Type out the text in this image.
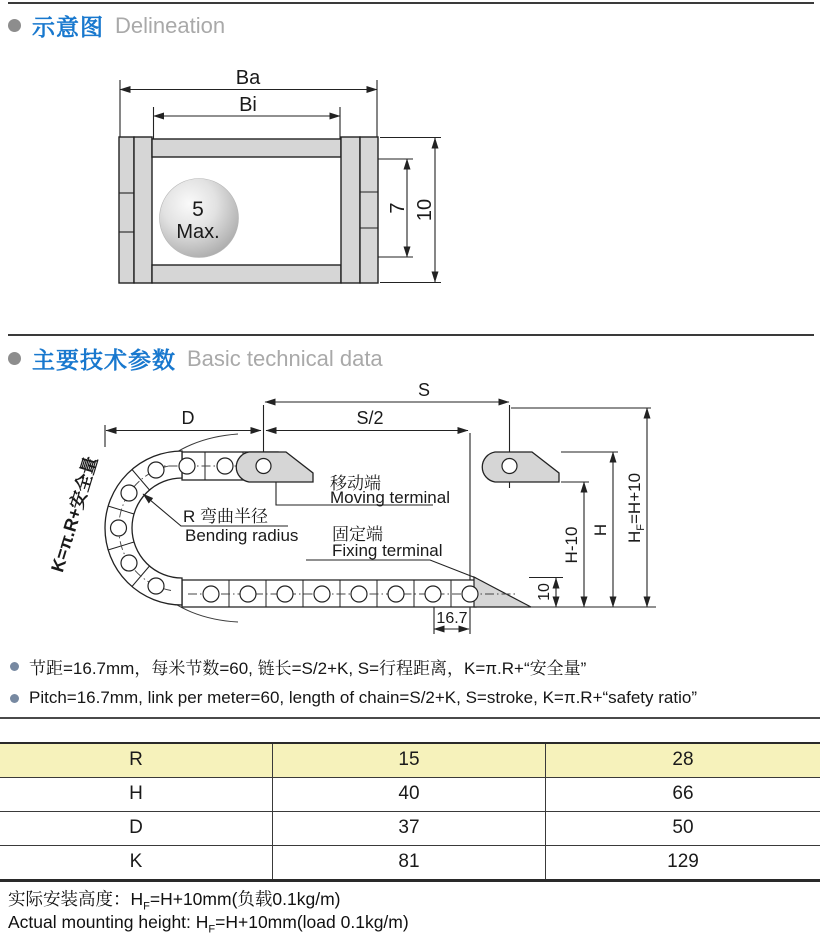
示意图 Delineation
5
Max.
Ba
Bi
7 10
主要技术参数 Basic technical data
S
S/2
D
K=π.R+安全量	移动端
Moving terminal
固定端
Fixing terminal
R 弯曲半径
Bending radius	H-10 H
$H_F=H+10$
16.7
10
节距=16.7mm，每米节数=60, 链长=S/2+K, S=行程距离，K=π.R+“安全量”
Pitch=16.7mm, link per meter=60, length of chain=S/2+K, S=stroke, K=π.R+“safety ratio”
R	15	28
H	40	66
D	37	50
K	81	129
实际安装高度：$H_F=H+10mm$(负载0.1kg/m)
Actual mounting height: $H_F=H+10mm(load$ 0.1kg/m)
